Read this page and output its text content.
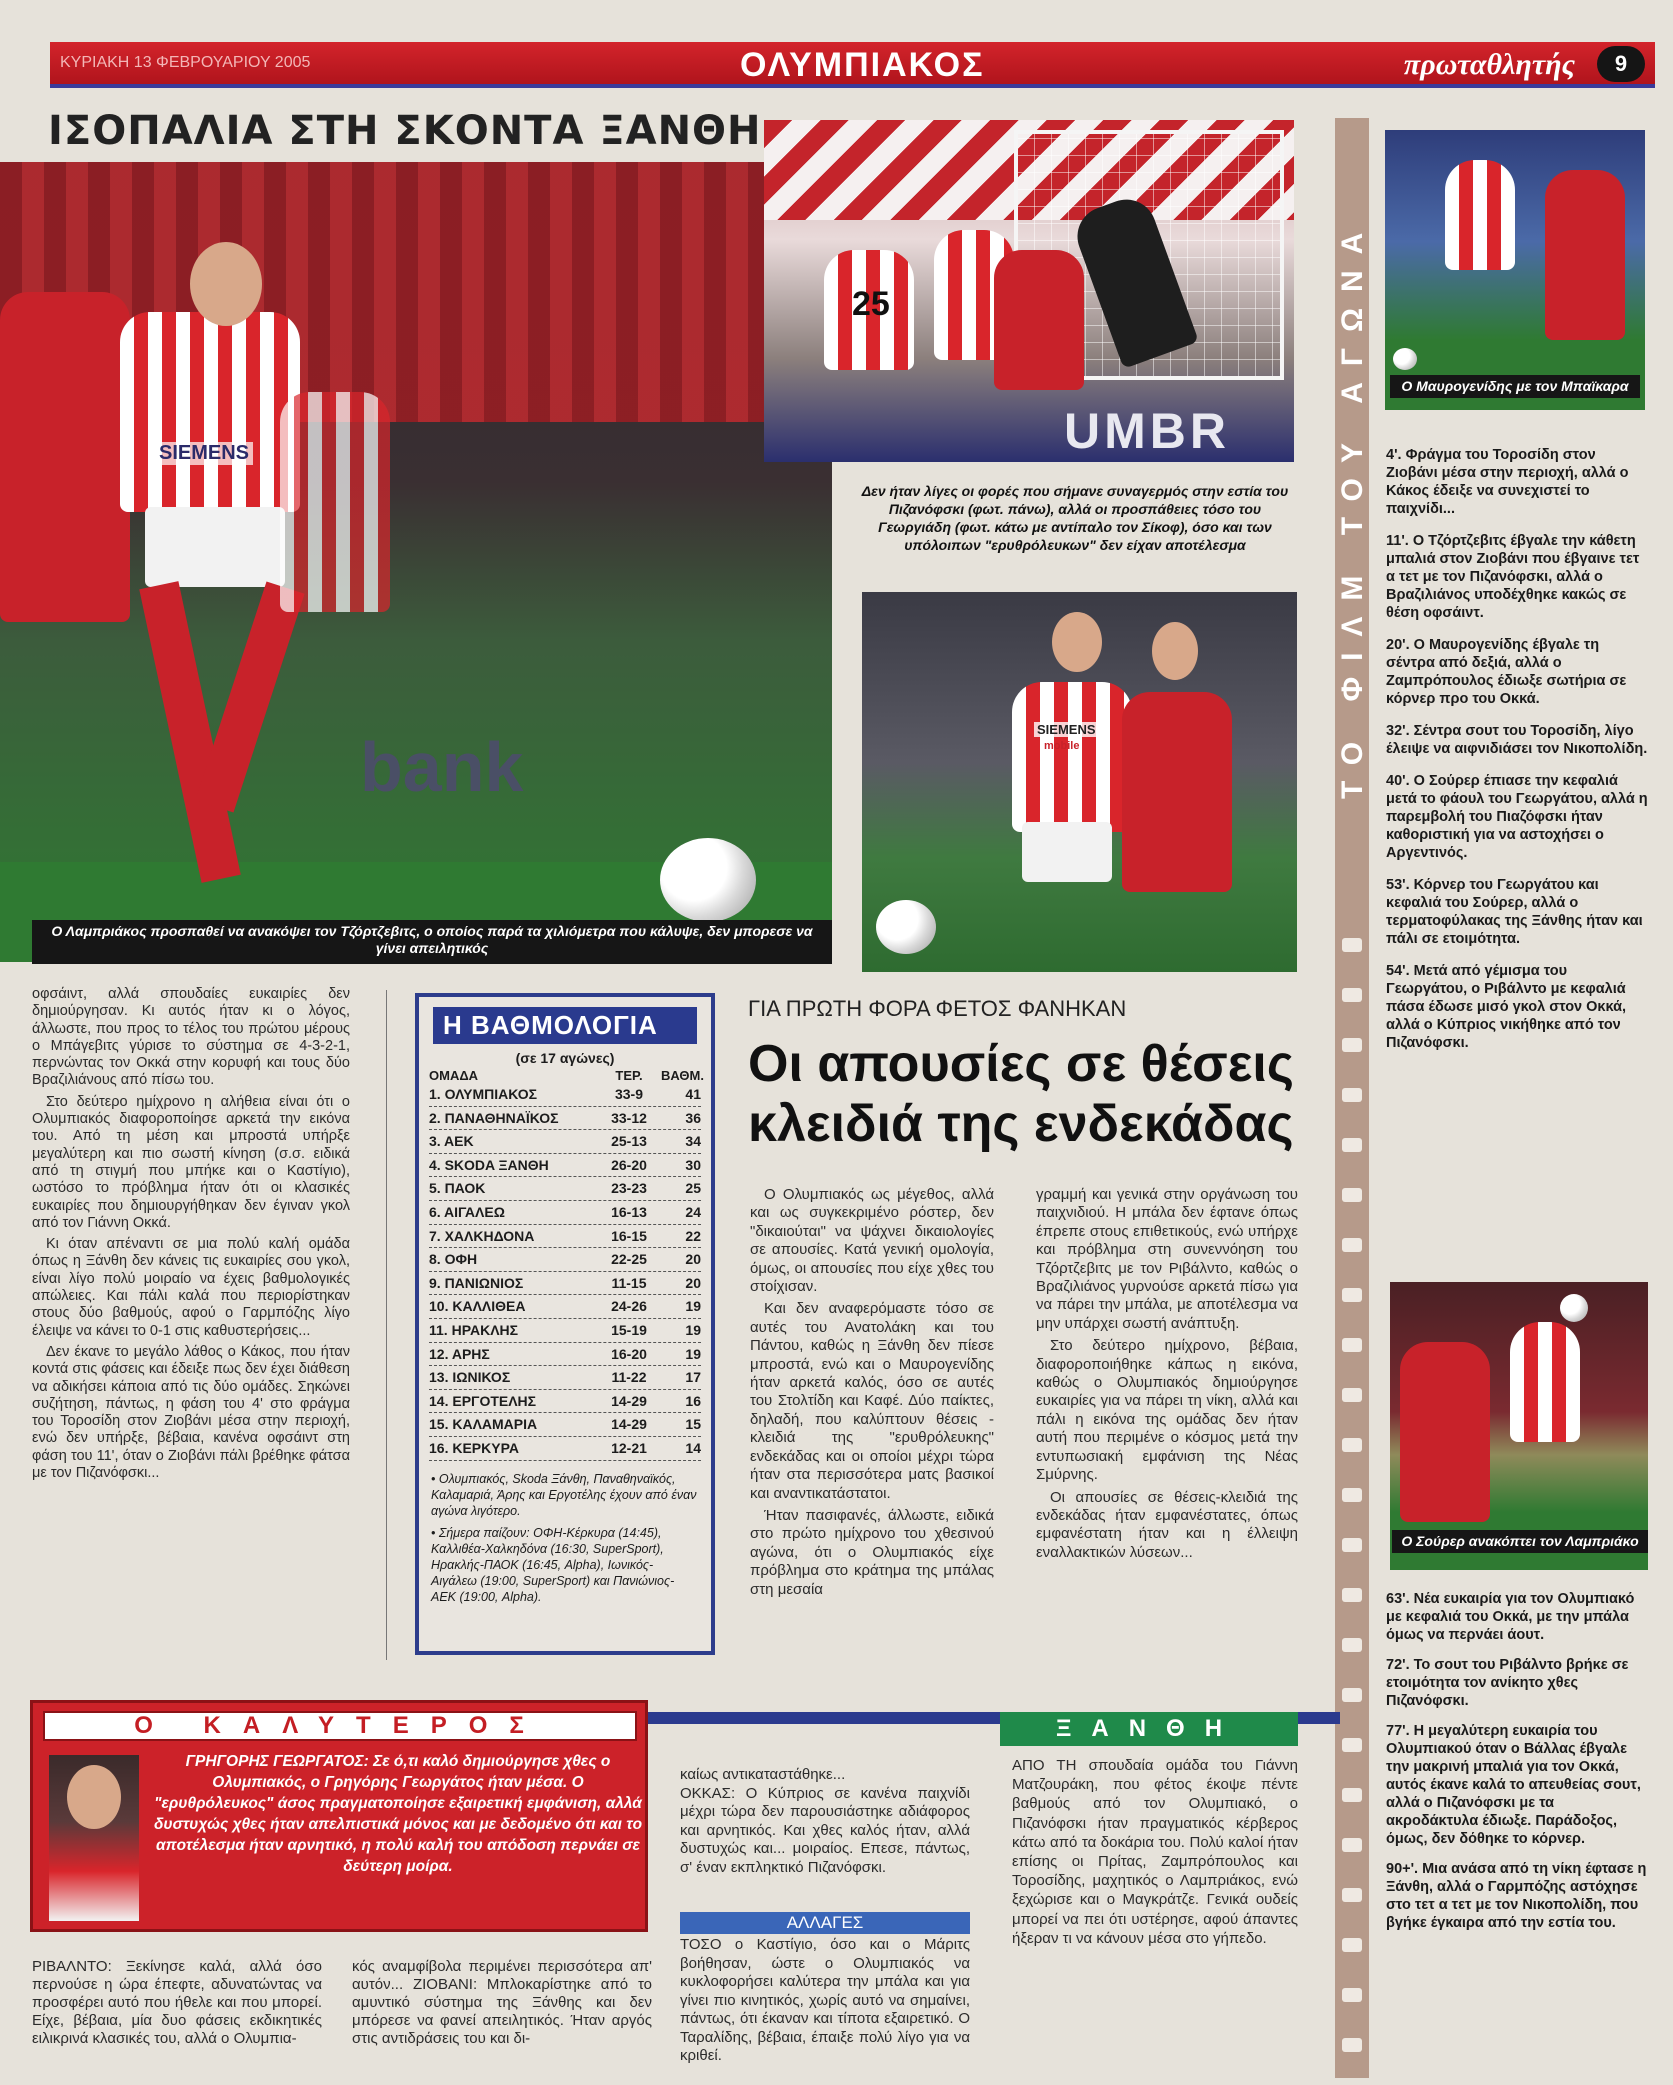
ΚΥΡΙΑΚΗ 13 ΦΕΒΡΟΥΑΡΙΟΥ 2005	ΟΛΥΜΠΙΑΚΟΣ	πρωταθλητής	9
ΙΣΟΠΑΛΙΑ ΣΤΗ ΣΚΟΝΤΑ ΞΑΝΘΗ
bank
SIEMENS
Ο Λαμπριάκος προσπαθεί να ανακόψει τον Τζόρτζεβιτς, ο οποίος παρά τα χιλιόμετρα που κάλυψε, δεν μπορεσε να γίνει απειλητικός
25
UMBR
Δεν ήταν λίγες οι φορές που σήμανε συναγερμός στην εστία του Πιζανόφσκι (φωτ. πάνω), αλλά οι προσπάθειες τόσο του Γεωργιάδη (φωτ. κάτω με αντίπαλο τον Σίκοφ), όσο και των υπόλοιπων "ερυθρόλευκων" δεν είχαν αποτέλεσμα
SIEMENS
mobile	ΤΟ ΦΙΛΜ ΤΟΥ ΑΓΩΝΑ	Ο Μαυρογενίδης με τον Μπαϊκαρα
Ο Σούρερ ανακόπτει τον Λαμπριάκο

4'. Φράγμα του Τοροσίδη στον Ζιοβάνι μέσα στην περιοχή, αλλά ο Κάκος έδειξε να συνεχιστεί το παιχνίδι...

11'. Ο Τζόρτζεβιτς έβγαλε την κάθετη μπαλιά στον Ζιοβάνι που έβγαινε τετ α τετ με τον Πιζανόφσκι, αλλά ο Βραζιλιάνος υποδέχθηκε κακώς σε θέση οφσάιντ.

20'. Ο Μαυρογενίδης έβγαλε τη σέντρα από δεξιά, αλλά ο Ζαμπρόπουλος έδιωξε σωτήρια σε κόρνερ προ του Οκκά.

32'. Σέντρα σουτ του Τοροσίδη, λίγο έλειψε να αιφνιδιάσει τον Νικοπολίδη.

40'. Ο Σούρερ έπιασε την κεφαλιά μετά το φάουλ του Γεωργάτου, αλλά η παρεμβολή του Πιαζόφσκι ήταν καθοριστική για να αστοχήσει ο Αργεντινός.

53'. Κόρνερ του Γεωργάτου και κεφαλιά του Σούρερ, αλλά ο τερματοφύλακας της Ξάνθης ήταν και πάλι σε ετοιμότητα.

54'. Μετά από γέμισμα του Γεωργάτου, ο Ριβάλντο με κεφαλιά πάσα έδωσε μισό γκολ στον Οκκά, αλλά ο Κύπριος νικήθηκε από τον Πιζανόφσκι.

63'. Νέα ευκαιρία για τον Ολυμπιακό με κεφαλιά του Οκκά, με την μπάλα όμως να περνάει άουτ.

72'. Το σουτ του Ριβάλντο βρήκε σε ετοιμότητα τον ανίκητο χθες Πιζανόφσκι.

77'. Η μεγαλύτερη ευκαιρία του Ολυμπιακού όταν ο Βάλλας έβγαλε την μακρινή μπαλιά για τον Οκκά, αυτός έκανε καλά το απευθείας σουτ, αλλά ο Πιζανόφσκι με τα ακροδάκτυλα έδιωξε. Παράδοξος, όμως, δεν δόθηκε το κόρνερ.

90+'. Μια ανάσα από τη νίκη έφτασε η Ξάνθη, αλλά ο Γαρμπόζης αστόχησε στο τετ α τετ με τον Νικοπολίδη, που βγήκε έγκαιρα από την εστία του.

οφσάιντ, αλλά σπουδαίες ευκαιρίες δεν δημιούργησαν. Κι αυτός ήταν κι ο λόγος, άλλωστε, που προς το τέλος του πρώτου μέρους ο Μπάγεβιτς γύρισε το σύστημα σε 4-3-2-1, περνώντας τον Οκκά στην κορυφή και τους δύο Βραζιλιάνους από πίσω του.

Στο δεύτερο ημίχρονο η αλήθεια είναι ότι ο Ολυμπιακός διαφοροποίησε αρκετά την εικόνα του. Από τη μέση και μπροστά υπήρξε μεγαλύτερη και πιο σωστή κίνηση (σ.σ. ειδικά από τη στιγμή που μπήκε και ο Καστίγιο), ωστόσο το πρόβλημα ήταν ότι οι κλασικές ευκαιρίες που δημιουργήθηκαν δεν έγιναν γκολ από τον Γιάννη Οκκά.

Κι όταν απέναντι σε μια πολύ καλή ομάδα όπως η Ξάνθη δεν κάνεις τις ευκαιρίες σου γκολ, είναι λίγο πολύ μοιραίο να έχεις βαθμολογικές απώλειες. Και πάλι καλά που περιορίστηκαν στους δύο βαθμούς, αφού ο Γαρμπόζης λίγο έλειψε να κάνει το 0-1 στις καθυστερήσεις...

Δεν έκανε το μεγάλο λάθος ο Κάκος, που ήταν κοντά στις φάσεις και έδειξε πως δεν έχει διάθεση να αδικήσει κάποια από τις δύο ομάδες. Σηκώνει συζήτηση, πάντως, η φάση του 4' στο φράγμα του Τοροσίδη στον Ζιοβάνι μέσα στην περιοχή, ενώ δεν υπήρξε, βέβαια, κανένα οφσάιντ στη φάση του 11', όταν ο Ζιοβάνι πάλι βρέθηκε φάτσα με τον Πιζανόφσκι...

Η ΒΑΘΜΟΛΟΓΙΑ
(σε 17 αγώνες)
ΟΜΑΔΑ	ΤΕΡ.	ΒΑΘΜ.
1. ΟΛΥΜΠΙΑΚΟΣ	33-9	41
2. ΠΑΝΑΘΗΝΑΪΚΟΣ	33-12	36
3. ΑΕΚ	25-13	34
4. SKODA ΞΑΝΘΗ	26-20	30
5. ΠΑΟΚ	23-23	25
6. ΑΙΓΑΛΕΩ	16-13	24
7. ΧΑΛΚΗΔΟΝΑ	16-15	22
8. ΟΦΗ	22-25	20
9. ΠΑΝΙΩΝΙΟΣ	11-15	20
10. ΚΑΛΛΙΘΕΑ	24-26	19
11. ΗΡΑΚΛΗΣ	15-19	19
12. ΑΡΗΣ	16-20	19
13. ΙΩΝΙΚΟΣ	11-22	17
14. ΕΡΓΟΤΕΛΗΣ	14-29	16
15. ΚΑΛΑΜΑΡΙΑ	14-29	15
16. ΚΕΡΚΥΡΑ	12-21	14

• Ολυμπιακός, Skoda Ξάνθη, Παναθηναϊκός, Καλαμαριά, Άρης και Εργοτέλης έχουν από έναν αγώνα λιγότερο.

• Σήμερα παίζουν: ΟΦΗ-Κέρκυρα (14:45), Καλλιθέα-Χαλκηδόνα (16:30, SuperSport), Ηρακλής-ΠΑΟΚ (16:45, Alpha), Ιωνικός-Αιγάλεω (19:00, SuperSport) και Πανιώνιος-ΑΕΚ (19:00, Alpha).

ΓΙΑ ΠΡΩΤΗ ΦΟΡΑ ΦΕΤΟΣ ΦΑΝΗΚΑΝ
Οι απουσίες σε θέσεις
κλειδιά της ενδεκάδας

Ο Ολυμπιακός ως μέγεθος, αλλά και ως συγκεκριμένο ρόστερ, δεν "δικαιούται" να ψάχνει δικαιολογίες σε απουσίες. Κατά γενική ομολογία, όμως, οι απουσίες που είχε χθες του στοίχισαν.

Και δεν αναφερόμαστε τόσο σε αυτές του Ανατολάκη και του Πάντου, καθώς η Ξάνθη δεν πίεσε μπροστά, ενώ και ο Μαυρογενίδης ήταν αρκετά καλός, όσο σε αυτές του Στολτίδη και Καφέ. Δύο παίκτες, δηλαδή, που καλύπτουν θέσεις - κλειδιά της "ερυθρόλευκης" ενδεκάδας και οι οποίοι μέχρι τώρα ήταν στα περισσότερα ματς βασικοί και αναντικατάστατοι.

Ήταν πασιφανές, άλλωστε, ειδικά στο πρώτο ημίχρονο του χθεσινού αγώνα, ότι ο Ολυμπιακός είχε πρόβλημα στο κράτημα της μπάλας στη μεσαία

γραμμή και γενικά στην οργάνωση του παιχνιδιού. Η μπάλα δεν έφτανε όπως έπρεπε στους επιθετικούς, ενώ υπήρχε και πρόβλημα στη συνεννόηση του Τζόρτζεβιτς με τον Ριβάλντο, καθώς ο Βραζιλιάνος γυρνούσε αρκετά πίσω για να πάρει την μπάλα, με αποτέλεσμα να μην υπάρχει σωστή ανάπτυξη.

Στο δεύτερο ημίχρονο, βέβαια, διαφοροποιήθηκε κάπως η εικόνα, καθώς ο Ολυμπιακός δημιούργησε ευκαιρίες για να πάρει τη νίκη, αλλά και πάλι η εικόνα της ομάδας δεν ήταν αυτή που περιμένε ο κόσμος μετά την εντυπωσιακή εμφάνιση της Νέας Σμύρνης.

Οι απουσίες σε θέσεις-κλειδιά της ενδεκάδας ήταν εμφανέστατες, όπως εμφανέστατη ήταν και η έλλειψη εναλλακτικών λύσεων...

Ο ΚΑΛΥΤΕΡΟΣ
ΓΡΗΓΟΡΗΣ ΓΕΩΡΓΑΤΟΣ: Σε ό,τι καλό δημιούργησε χθες ο Ολυμπιακός, ο Γρηγόρης Γεωργάτος ήταν μέσα. Ο "ερυθρόλευκος" άσος πραγματοποίησε εξαιρετική εμφάνιση, αλλά δυστυχώς χθες ήταν απελπιστικά μόνος και με δεδομένο ότι και το αποτέλεσμα ήταν αρνητικό, η πολύ καλή του απόδοση περνάει σε δεύτερη μοίρα.
ΡΙΒΑΛΝΤΟ: Ξεκίνησε καλά, αλλά όσο περνούσε η ώρα έπεφτε, αδυνατώντας να προσφέρει αυτό που ήθελε και που μπορεί. Είχε, βέβαια, μία δυο φάσεις εκδικητικές ειλικρινά κλασικές του, αλλά ο Ολυμπια-
κός αναμφίβολα περιμένει περισσότερα απ' αυτόν... ΖΙΟΒΑΝΙ: Μπλοκαρίστηκε από το αμυντικό σύστημα της Ξάνθης και δεν μπόρεσε να φανεί απειλητικός. Ήταν αργός στις αντιδράσεις του και δι-

καίως αντικαταστάθηκε...

ΟΚΚΑΣ: Ο Κύπριος σε κανένα παιχνίδι μέχρι τώρα δεν παρουσιάστηκε αδιάφορος και αρνητικός. Και χθες καλός ήταν, αλλά δυστυχώς και... μοιραίος. Επεσε, πάντως, σ' έναν εκπληκτικό Πιζανόφσκι.

ΑΛΛΑΓΕΣ
ΤΟΣΟ ο Καστίγιο, όσο και ο Μάριτς βοήθησαν, ώστε ο Ολυμπιακός να κυκλοφορήσει καλύτερα την μπάλα και για γίνει πιο κινητικός, χωρίς αυτό να σημαίνει, πάντως, ότι έκαναν και τίποτα εξαιρετικό. Ο Ταραλίδης, βέβαια, έπαιξε πολύ λίγο για να κριθεί.
ΞΑΝΘΗ
ΑΠΟ ΤΗ σπουδαία ομάδα του Γιάννη Ματζουράκη, που φέτος έκοψε πέντε βαθμούς από τον Ολυμπιακό, ο Πιζανόφσκι ήταν πραγματικός κέρβερος κάτω από τα δοκάρια του. Πολύ καλοί ήταν επίσης οι Πρίτας, Ζαμπρόπουλος και Τοροσίδης, μαχητικός ο Λαμπριάκος, ενώ ξεχώρισε και ο Μαγκράτζε. Γενικά ουδείς μπορεί να πει ότι υστέρησε, αφού άπαντες ήξεραν τι να κάνουν μέσα στο γήπεδο.
